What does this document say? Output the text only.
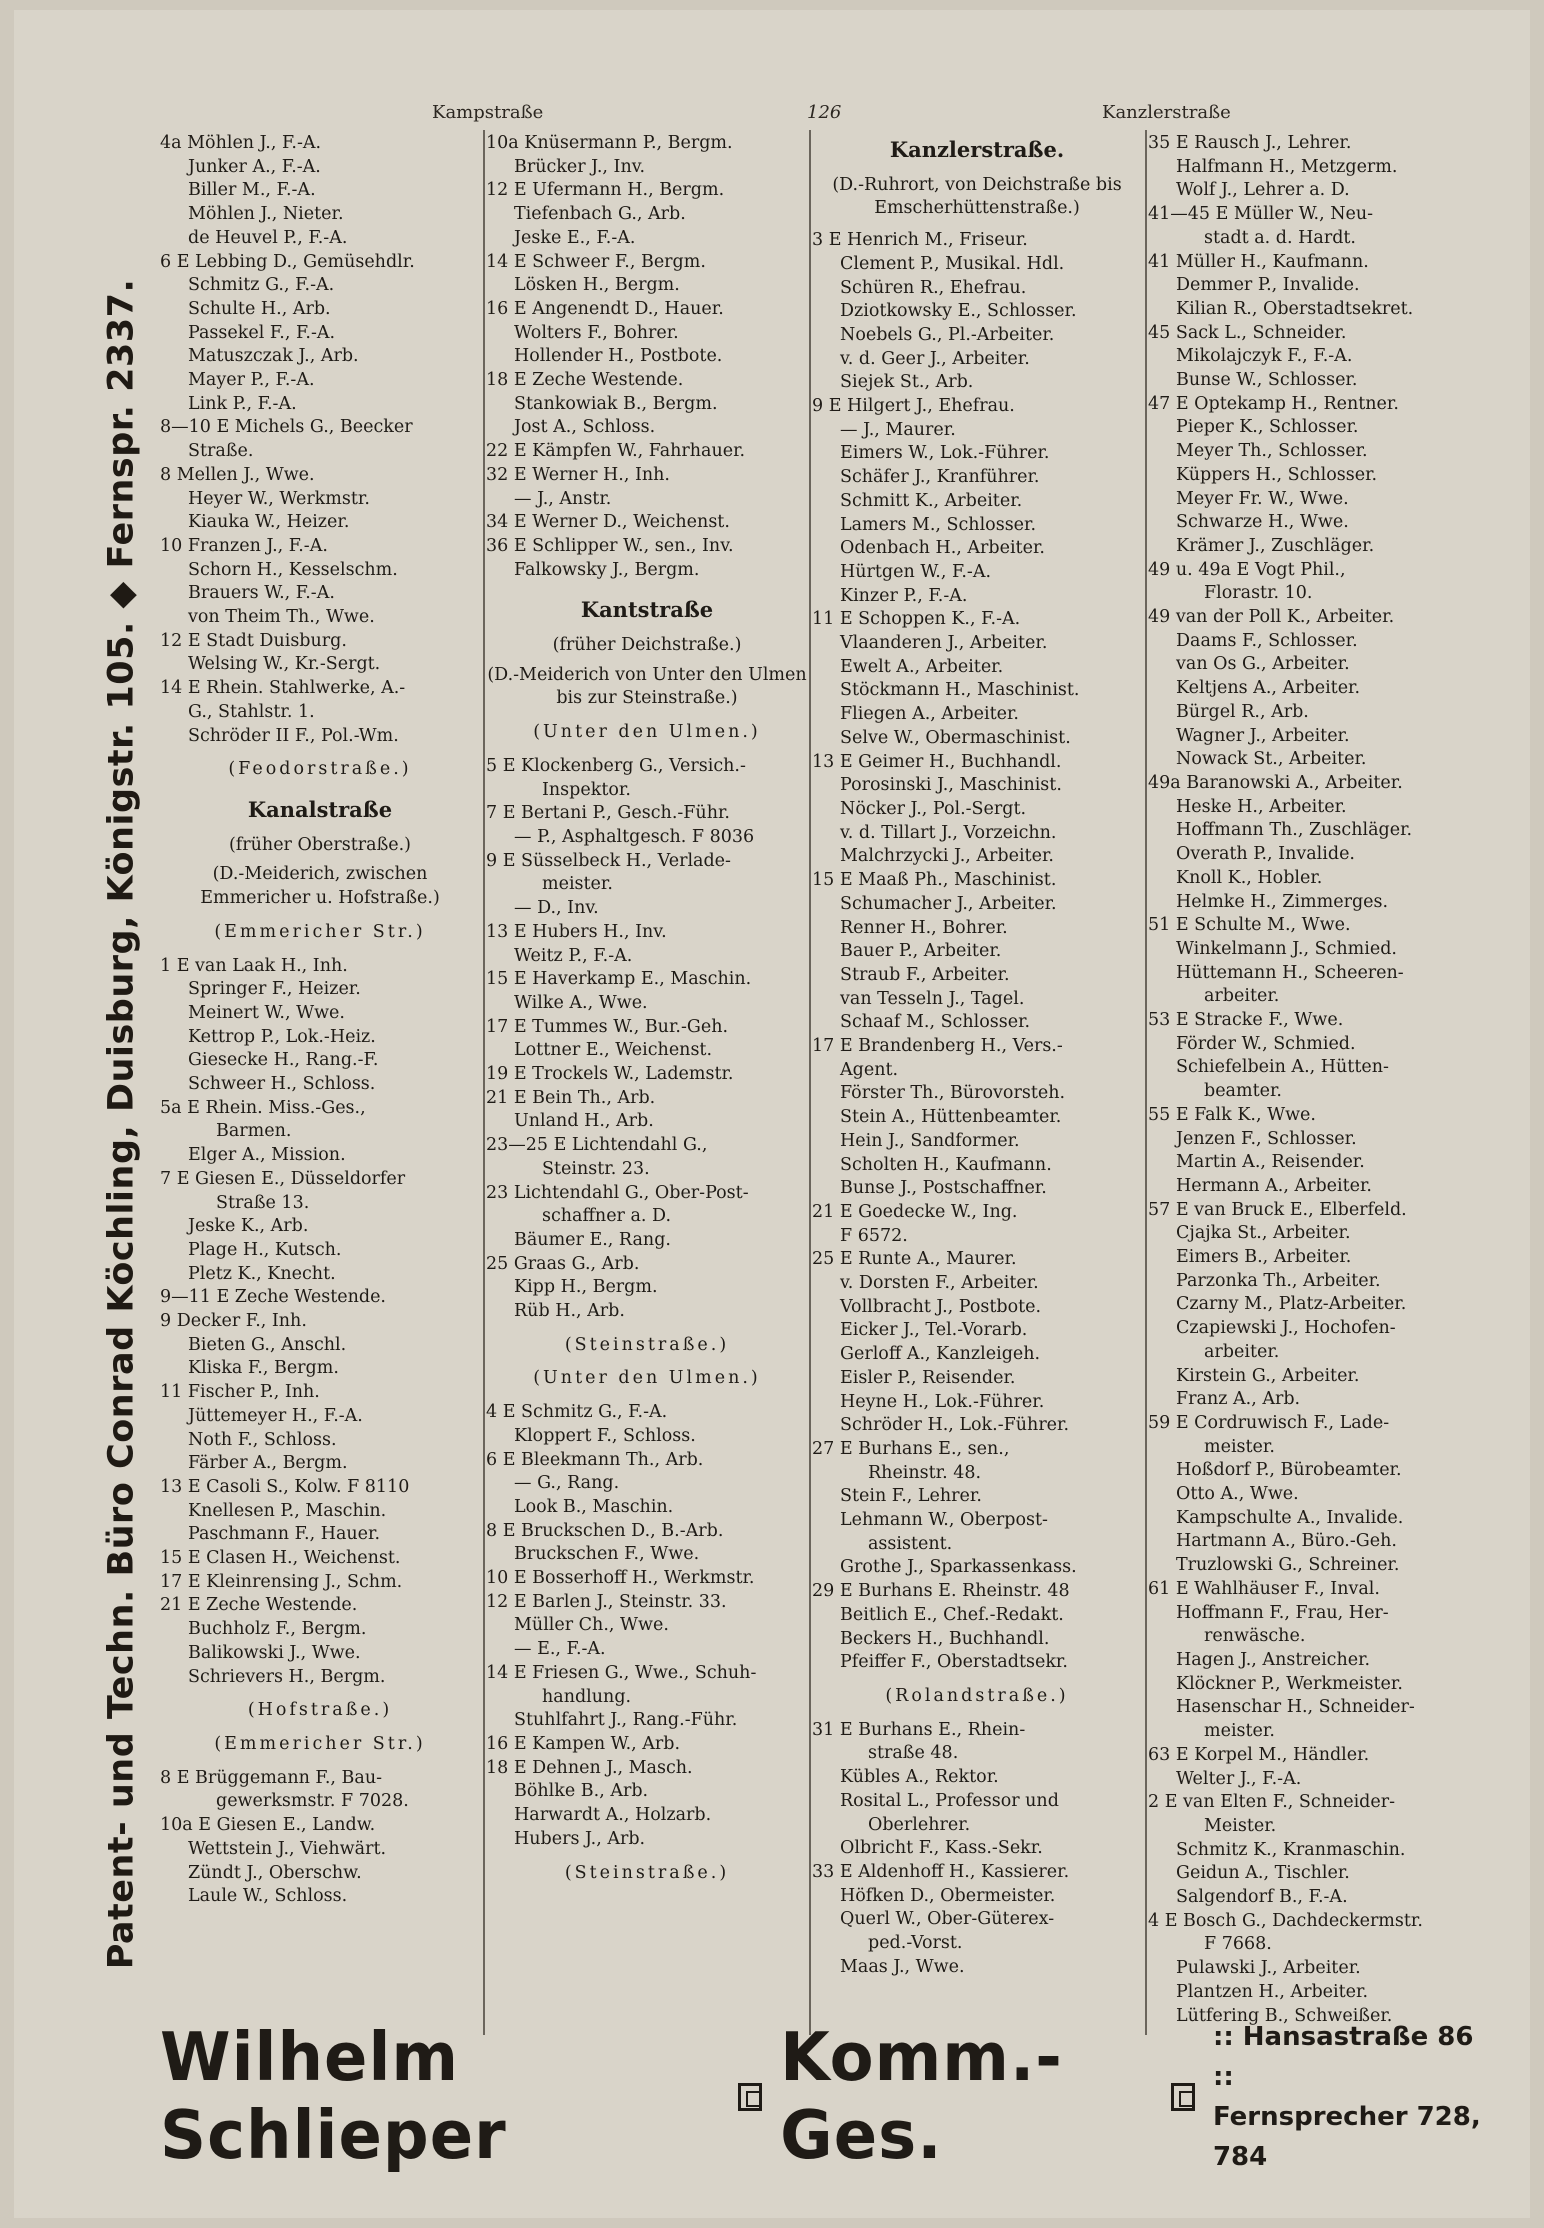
Kampstraße	126	Kanzlerstraße
Patent- und Techn. Büro Conrad Köchling, Duisburg, Königstr. 105. ◆ Fernspr. 2337.
4a Möhlen J., F.-A.
Junker A., F.-A.
Biller M., F.-A.
Möhlen J., Nieter.
de Heuvel P., F.-A.
6 E Lebbing D., Gemüsehdlr.
Schmitz G., F.-A.
Schulte H., Arb.
Passekel F., F.-A.
Matuszczak J., Arb.
Mayer P., F.-A.
Link P., F.-A.
8—10 E Michels G., Beecker
Straße.
8 Mellen J., Wwe.
Heyer W., Werkmstr.
Kiauka W., Heizer.
10 Franzen J., F.-A.
Schorn H., Kesselschm.
Brauers W., F.-A.
von Theim Th., Wwe.
12 E Stadt Duisburg.
Welsing W., Kr.-Sergt.
14 E Rhein. Stahlwerke, A.-
G., Stahlstr. 1.
Schröder II F., Pol.-Wm.
(Feodorstraße.)
Kanalstraße
(früher Oberstraße.)
(D.-Meiderich, zwischen Emmericher u. Hofstraße.)
(Emmericher Str.)
1 E van Laak H., Inh.
Springer F., Heizer.
Meinert W., Wwe.
Kettrop P., Lok.-Heiz.
Giesecke H., Rang.-F.
Schweer H., Schloss.
5a E Rhein. Miss.-Ges.,
Barmen.
Elger A., Mission.
7 E Giesen E., Düsseldorfer
Straße 13.
Jeske K., Arb.
Plage H., Kutsch.
Pletz K., Knecht.
9—11 E Zeche Westende.
9 Decker F., Inh.
Bieten G., Anschl.
Kliska F., Bergm.
11 Fischer P., Inh.
Jüttemeyer H., F.-A.
Noth F., Schloss.
Färber A., Bergm.
13 E Casoli S., Kolw. F 8110
Knellesen P., Maschin.
Paschmann F., Hauer.
15 E Clasen H., Weichenst.
17 E Kleinrensing J., Schm.
21 E Zeche Westende.
Buchholz F., Bergm.
Balikowski J., Wwe.
Schrievers H., Bergm.
(Hofstraße.)
(Emmericher Str.)
8 E Brüggemann F., Bau-
gewerksmstr. F 7028.
10a E Giesen E., Landw.
Wettstein J., Viehwärt.
Zündt J., Oberschw.
Laule W., Schloss.
10a Knüsermann P., Bergm.
Brücker J., Inv.
12 E Ufermann H., Bergm.
Tiefenbach G., Arb.
Jeske E., F.-A.
14 E Schweer F., Bergm.
Lösken H., Bergm.
16 E Angenendt D., Hauer.
Wolters F., Bohrer.
Hollender H., Postbote.
18 E Zeche Westende.
Stankowiak B., Bergm.
Jost A., Schloss.
22 E Kämpfen W., Fahrhauer.
32 E Werner H., Inh.
— J., Anstr.
34 E Werner D., Weichenst.
36 E Schlipper W., sen., Inv.
Falkowsky J., Bergm.
Kantstraße
(früher Deichstraße.)
(D.-Meiderich von Unter den Ulmen bis zur Steinstraße.)
(Unter den Ulmen.)
5 E Klockenberg G., Versich.-
Inspektor.
7 E Bertani P., Gesch.-Führ.
— P., Asphaltgesch. F 8036
9 E Süsselbeck H., Verlade-
meister.
— D., Inv.
13 E Hubers H., Inv.
Weitz P., F.-A.
15 E Haverkamp E., Maschin.
Wilke A., Wwe.
17 E Tummes W., Bur.-Geh.
Lottner E., Weichenst.
19 E Trockels W., Lademstr.
21 E Bein Th., Arb.
Unland H., Arb.
23—25 E Lichtendahl G.,
Steinstr. 23.
23 Lichtendahl G., Ober-Post-
schaffner a. D.
Bäumer E., Rang.
25 Graas G., Arb.
Kipp H., Bergm.
Rüb H., Arb.
(Steinstraße.)
(Unter den Ulmen.)
4 E Schmitz G., F.-A.
Kloppert F., Schloss.
6 E Bleekmann Th., Arb.
— G., Rang.
Look B., Maschin.
8 E Bruckschen D., B.-Arb.
Bruckschen F., Wwe.
10 E Bosserhoff H., Werkmstr.
12 E Barlen J., Steinstr. 33.
Müller Ch., Wwe.
— E., F.-A.
14 E Friesen G., Wwe., Schuh-
handlung.
Stuhlfahrt J., Rang.-Führ.
16 E Kampen W., Arb.
18 E Dehnen J., Masch.
Böhlke B., Arb.
Harwardt A., Holzarb.
Hubers J., Arb.
(Steinstraße.)
Kanzlerstraße.
(D.-Ruhrort, von Deichstraße bis Emscherhüttenstraße.)
3 E Henrich M., Friseur.
Clement P., Musikal. Hdl.
Schüren R., Ehefrau.
Dziotkowsky E., Schlosser.
Noebels G., Pl.-Arbeiter.
v. d. Geer J., Arbeiter.
Siejek St., Arb.
9 E Hilgert J., Ehefrau.
— J., Maurer.
Eimers W., Lok.-Führer.
Schäfer J., Kranführer.
Schmitt K., Arbeiter.
Lamers M., Schlosser.
Odenbach H., Arbeiter.
Hürtgen W., F.-A.
Kinzer P., F.-A.
11 E Schoppen K., F.-A.
Vlaanderen J., Arbeiter.
Ewelt A., Arbeiter.
Stöckmann H., Maschinist.
Fliegen A., Arbeiter.
Selve W., Obermaschinist.
13 E Geimer H., Buchhandl.
Porosinski J., Maschinist.
Nöcker J., Pol.-Sergt.
v. d. Tillart J., Vorzeichn.
Malchrzycki J., Arbeiter.
15 E Maaß Ph., Maschinist.
Schumacher J., Arbeiter.
Renner H., Bohrer.
Bauer P., Arbeiter.
Straub F., Arbeiter.
van Tesseln J., Tagel.
Schaaf M., Schlosser.
17 E Brandenberg H., Vers.-
Agent.
Förster Th., Bürovorsteh.
Stein A., Hüttenbeamter.
Hein J., Sandformer.
Scholten H., Kaufmann.
Bunse J., Postschaffner.
21 E Goedecke W., Ing.
F 6572.
25 E Runte A., Maurer.
v. Dorsten F., Arbeiter.
Vollbracht J., Postbote.
Eicker J., Tel.-Vorarb.
Gerloff A., Kanzleigeh.
Eisler P., Reisender.
Heyne H., Lok.-Führer.
Schröder H., Lok.-Führer.
27 E Burhans E., sen.,
Rheinstr. 48.
Stein F., Lehrer.
Lehmann W., Oberpost-
assistent.
Grothe J., Sparkassenkass.
29 E Burhans E. Rheinstr. 48
Beitlich E., Chef.-Redakt.
Beckers H., Buchhandl.
Pfeiffer F., Oberstadtsekr.
(Rolandstraße.)
31 E Burhans E., Rhein-
straße 48.
Kübles A., Rektor.
Rosital L., Professor und
Oberlehrer.
Olbricht F., Kass.-Sekr.
33 E Aldenhoff H., Kassierer.
Höfken D., Obermeister.
Querl W., Ober-Güterex-
ped.-Vorst.
Maas J., Wwe.
35 E Rausch J., Lehrer.
Halfmann H., Metzgerm.
Wolf J., Lehrer a. D.
41—45 E Müller W., Neu-
stadt a. d. Hardt.
41 Müller H., Kaufmann.
Demmer P., Invalide.
Kilian R., Oberstadtsekret.
45 Sack L., Schneider.
Mikolajczyk F., F.-A.
Bunse W., Schlosser.
47 E Optekamp H., Rentner.
Pieper K., Schlosser.
Meyer Th., Schlosser.
Küppers H., Schlosser.
Meyer Fr. W., Wwe.
Schwarze H., Wwe.
Krämer J., Zuschläger.
49 u. 49a E Vogt Phil.,
Florastr. 10.
49 van der Poll K., Arbeiter.
Daams F., Schlosser.
van Os G., Arbeiter.
Keltjens A., Arbeiter.
Bürgel R., Arb.
Wagner J., Arbeiter.
Nowack St., Arbeiter.
49a Baranowski A., Arbeiter.
Heske H., Arbeiter.
Hoffmann Th., Zuschläger.
Overath P., Invalide.
Knoll K., Hobler.
Helmke H., Zimmerges.
51 E Schulte M., Wwe.
Winkelmann J., Schmied.
Hüttemann H., Scheeren-
arbeiter.
53 E Stracke F., Wwe.
Förder W., Schmied.
Schiefelbein A., Hütten-
beamter.
55 E Falk K., Wwe.
Jenzen F., Schlosser.
Martin A., Reisender.
Hermann A., Arbeiter.
57 E van Bruck E., Elberfeld.
Cjajka St., Arbeiter.
Eimers B., Arbeiter.
Parzonka Th., Arbeiter.
Czarny M., Platz-Arbeiter.
Czapiewski J., Hochofen-
arbeiter.
Kirstein G., Arbeiter.
Franz A., Arb.
59 E Cordruwisch F., Lade-
meister.
Hoßdorf P., Bürobeamter.
Otto A., Wwe.
Kampschulte A., Invalide.
Hartmann A., Büro.-Geh.
Truzlowski G., Schreiner.
61 E Wahlhäuser F., Inval.
Hoffmann F., Frau, Her-
renwäsche.
Hagen J., Anstreicher.
Klöckner P., Werkmeister.
Hasenschar H., Schneider-
meister.
63 E Korpel M., Händler.
Welter J., F.-A.
2 E van Elten F., Schneider-
Meister.
Schmitz K., Kranmaschin.
Geidun A., Tischler.
Salgendorf B., F.-A.
4 E Bosch G., Dachdeckermstr.
F 7668.
Pulawski J., Arbeiter.
Plantzen H., Arbeiter.
Lütfering B., Schweißer.
Wilhelm Schlieper
Komm.-Ges.
:: Hansastraße 86 ::
Fernsprecher 728, 784
